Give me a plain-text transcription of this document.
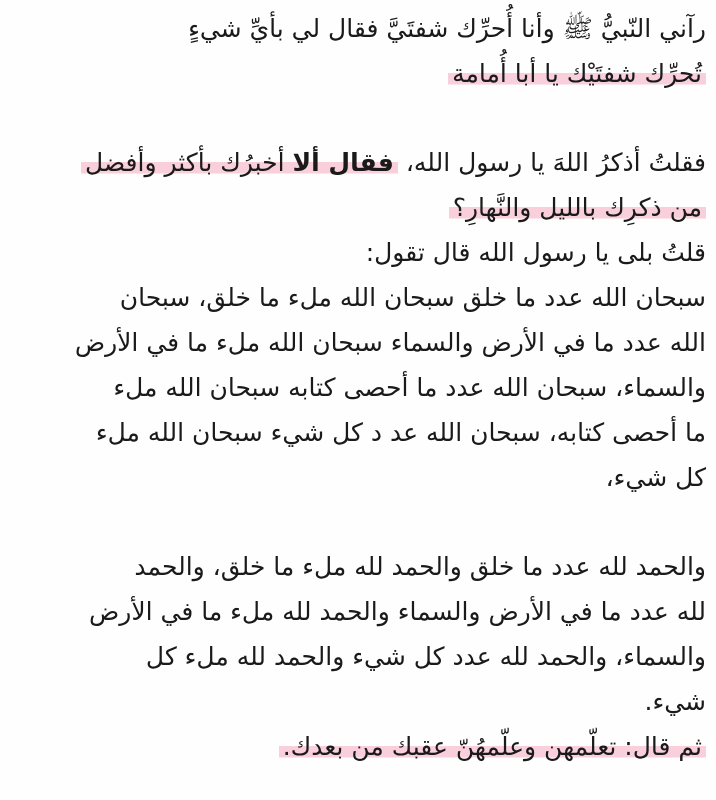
رآني النّبيُّ ﷺ وأنا أُحرِّك شفتَيَّ فقال لي بأيِّ شيءٍ
تُحرِّك شفتَيْك يا أبا أُمامة
فقلتُ أذكرُ اللهَ يا رسول الله، فقال ألا أخبرُك بأكثر وأفضل
من ذكرِك بالليل والنَّهارِ؟
قلتُ بلى يا رسول الله قال تقول:
سبحان الله عدد ما خلق سبحان الله ملء ما خلق، سبحان
الله عدد ما في الأرض والسماء سبحان الله ملء ما في الأرض
والسماء، سبحان الله عدد ما أحصى كتابه سبحان الله ملء
ما أحصى كتابه، سبحان الله عد د كل شيء سبحان الله ملء
كل شيء،
والحمد لله عدد ما خلق والحمد لله ملء ما خلق، والحمد
لله عدد ما في الأرض والسماء والحمد لله ملء ما في الأرض
والسماء، والحمد لله عدد كل شيء والحمد لله ملء كل
شيء.
ثم قال: تعلّمهن وعلّمهُنّ عقبك من بعدك.
